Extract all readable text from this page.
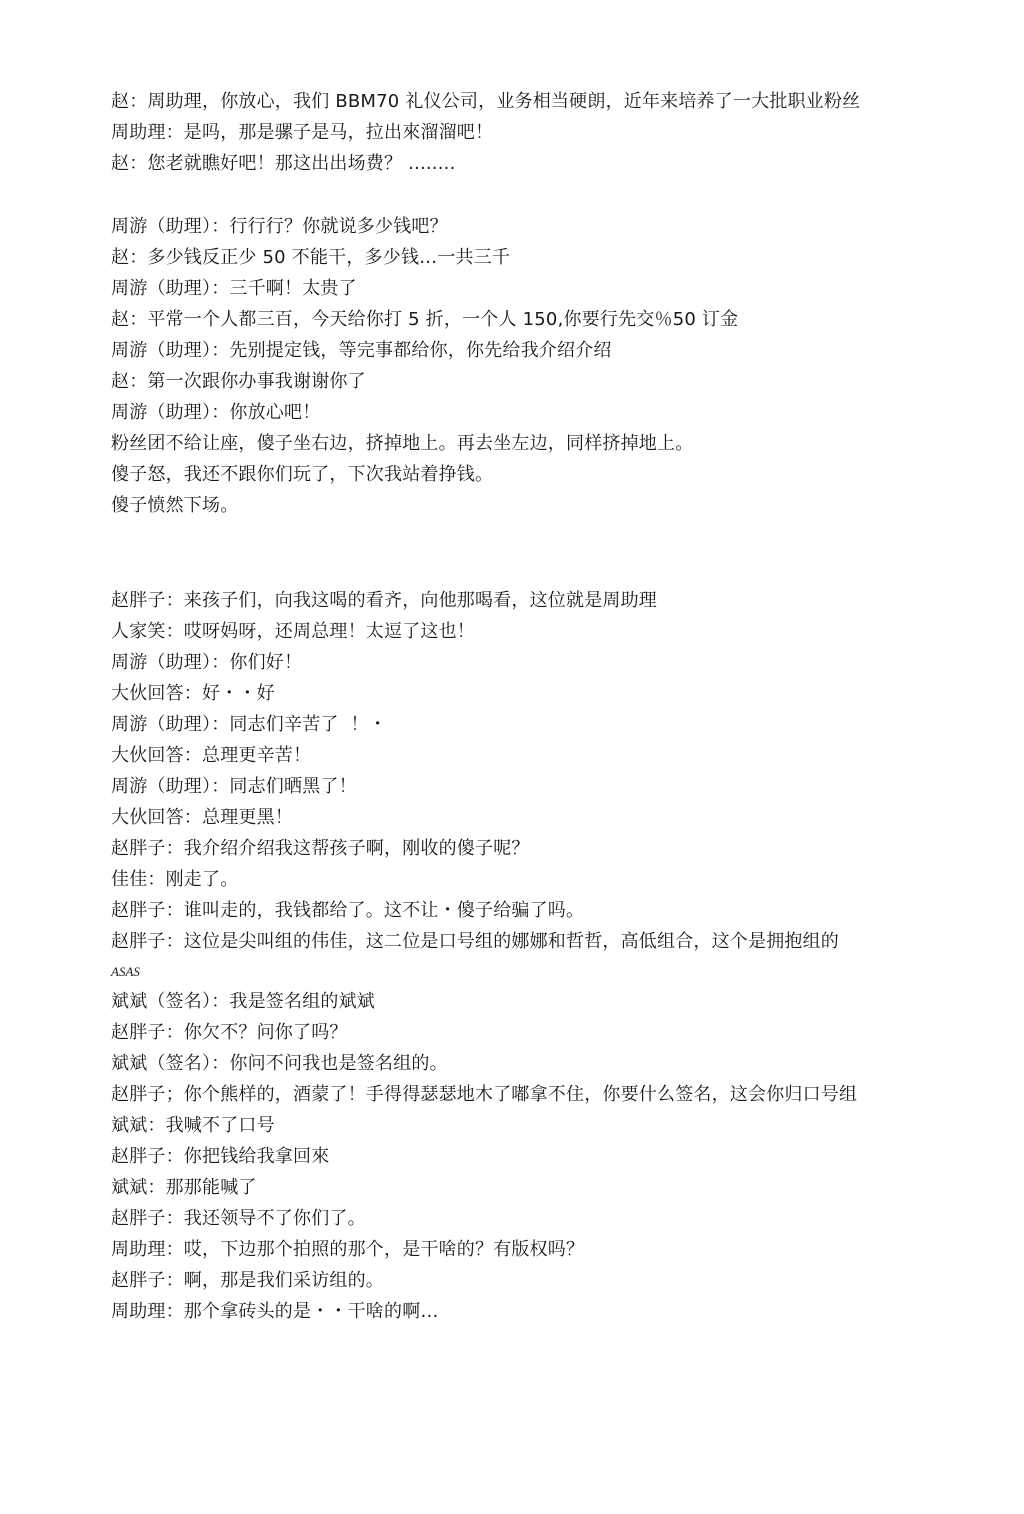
赵：周助理，你放心，我们 BBM70 礼仪公司，业务相当硬朗，近年来培养了一大批职业粉丝
周助理：是吗，那是骡子是马，拉出來溜溜吧！
赵：您老就瞧好吧！那这出出场费？ ........
周游（助理）：行行行？你就说多少钱吧？
赵：多少钱反正少 50 不能干，多少钱…一共三千
周游（助理）：三千啊！太贵了
赵：平常一个人都三百，今天给你打 5 折，一个人 150,你要行先交％50 订金
周游（助理）：先别提定钱，等完事都给你，你先给我介绍介绍
赵：第一次跟你办事我谢谢你了
周游（助理）：你放心吧！
粉丝团不给让座，傻子坐右边，挤掉地上。再去坐左边，同样挤掉地上。
傻子怒，我还不跟你们玩了，下次我站着挣钱。
傻子愤然下场。
赵胖子：来孩子们，向我这喝的看齐，向他那喝看，这位就是周助理
人家笑：哎呀妈呀，还周总理！太逗了这也！
周游（助理）：你们好！
大伙回答：好・・好
周游（助理）：同志们辛苦了  ！・
大伙回答：总理更辛苦！
周游（助理）：同志们晒黑了！
大伙回答：总理更黑！
赵胖子：我介绍介绍我这帮孩子啊，刚收的傻子呢？
佳佳：刚走了。
赵胖子：谁叫走的，我钱都给了。这不让・傻子给骗了吗。
赵胖子：这位是尖叫组的伟佳，这二位是口号组的娜娜和哲哲，高低组合，这个是拥抱组的
ASAS
斌斌（签名）：我是签名组的斌斌
赵胖子：你欠不？问你了吗？
斌斌（签名）：你问不问我也是签名组的。
赵胖子；你个熊样的，酒蒙了！手得得瑟瑟地木了嘟拿不住，你要什么签名，这会你归口号组
斌斌：我喊不了口号
赵胖子：你把钱给我拿回來
斌斌：那那能喊了
赵胖子：我还领导不了你们了。
周助理：哎，下边那个拍照的那个，是干啥的？有版权吗？
赵胖子：啊，那是我们采访组的。
周助理：那个拿砖头的是・・干啥的啊…
